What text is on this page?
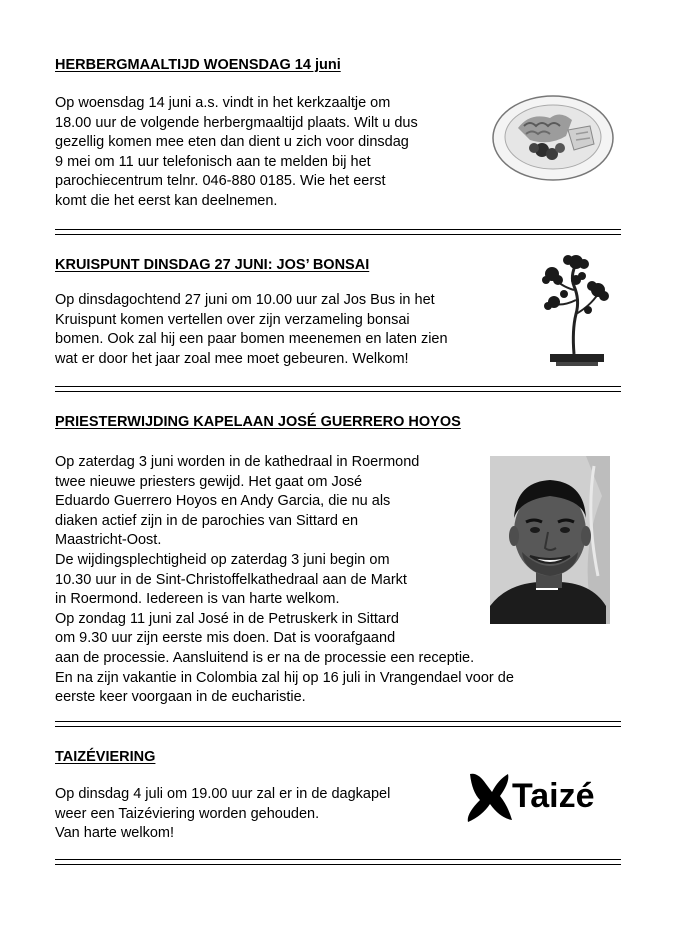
HERBERGMAALTIJD WOENSDAG 14 juni

Op woensdag 14 juni a.s. vindt in het kerkzaaltje om
18.00 uur de volgende herbergmaaltijd plaats. Wilt u dus
gezellig komen mee eten dan dient u zich voor dinsdag
9 mei om 11 uur telefonisch aan te melden bij het
parochiecentrum telnr. 046-880 0185. Wie het eerst
komt die het eerst kan deelnemen.

KRUISPUNT DINSDAG 27 JUNI: JOS’ BONSAI

Op dinsdagochtend 27 juni om 10.00 uur zal Jos Bus in het
Kruispunt komen vertellen over zijn verzameling bonsai
bomen. Ook zal hij een paar bomen meenemen en laten zien
wat er door het jaar zoal mee moet gebeuren. Welkom!

PRIESTERWIJDING KAPELAAN JOSÉ GUERRERO HOYOS

Op zaterdag 3 juni worden in de kathedraal in Roermond
twee nieuwe priesters gewijd. Het gaat om José
Eduardo Guerrero Hoyos en Andy Garcia, die nu als
diaken actief zijn in de parochies van Sittard en
Maastricht-Oost.
De wijdingsplechtigheid op zaterdag 3 juni begin om
10.30 uur in de Sint-Christoffelkathedraal aan de Markt
in Roermond. Iedereen is van harte welkom.
Op zondag 11 juni zal José in de Petruskerk in Sittard
om 9.30 uur zijn eerste mis doen. Dat is voorafgaand
aan de processie. Aansluitend is er na de processie een receptie.
En na zijn vakantie in Colombia zal hij op 16 juli in Vrangendael voor de
eerste keer voorgaan in de eucharistie.

TAIZÉVIERING

Op dinsdag 4 juli om 19.00 uur zal er in de dagkapel
weer een Taizéviering worden gehouden.
Van harte welkom!
Taizé
